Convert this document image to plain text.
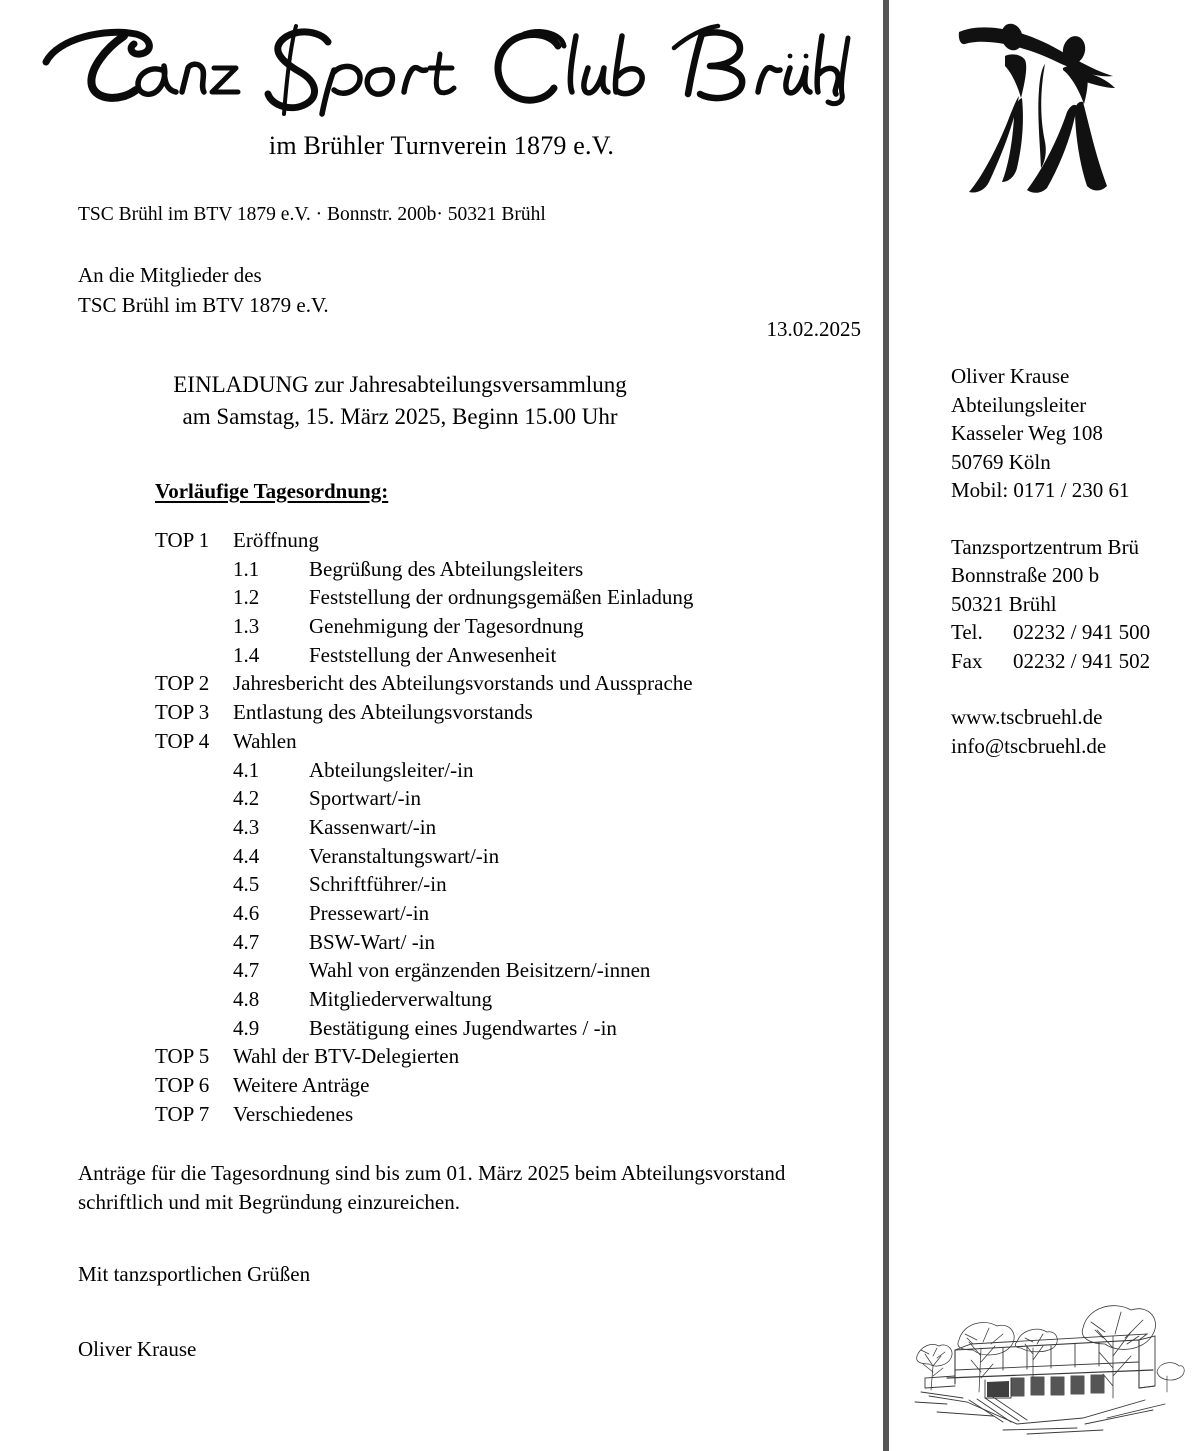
im Brühler Turnverein 1879 e.V.
TSC Brühl im BTV 1879 e.V. · Bonnstr. 200b· 50321 Brühl
An die Mitglieder des
TSC Brühl im BTV 1879 e.V.
13.02.2025
EINLADUNG zur Jahresabteilungsversammlung
am Samstag, 15. März 2025, Beginn 15.00 Uhr
Vorläufige Tagesordnung:
TOP 1	Eröffnung
1.1	Begrüßung des Abteilungsleiters
1.2	Feststellung der ordnungsgemäßen Einladung
1.3	Genehmigung der Tagesordnung
1.4	Feststellung der Anwesenheit
TOP 2	Jahresbericht des Abteilungsvorstands und Aussprache
TOP 3	Entlastung des Abteilungsvorstands
TOP 4	Wahlen
4.1	Abteilungsleiter/-in
4.2	Sportwart/-in
4.3	Kassenwart/-in
4.4	Veranstaltungswart/-in
4.5	Schriftführer/-in
4.6	Pressewart/-in
4.7	BSW-Wart/ -in
4.7	Wahl von ergänzenden Beisitzern/-innen
4.8	Mitgliederverwaltung
4.9	Bestätigung eines Jugendwartes / -in
TOP 5	Wahl der BTV-Delegierten
TOP 6	Weitere Anträge
TOP 7	Verschiedenes
Anträge für die Tagesordnung sind bis zum 01. März 2025 beim Abteilungsvorstand schriftlich und mit Begründung einzureichen.
Mit tanzsportlichen Grüßen
Oliver Krause
Oliver Krause
Abteilungsleiter
Kasseler Weg 108
50769 Köln
Mobil: 0171 / 230 61
Tanzsportzentrum Brü
Bonnstraße 200 b
50321 Brühl
Tel. 02232 / 941 500
Fax 02232 / 941 502
www.tscbruehl.de
info@tscbruehl.de
